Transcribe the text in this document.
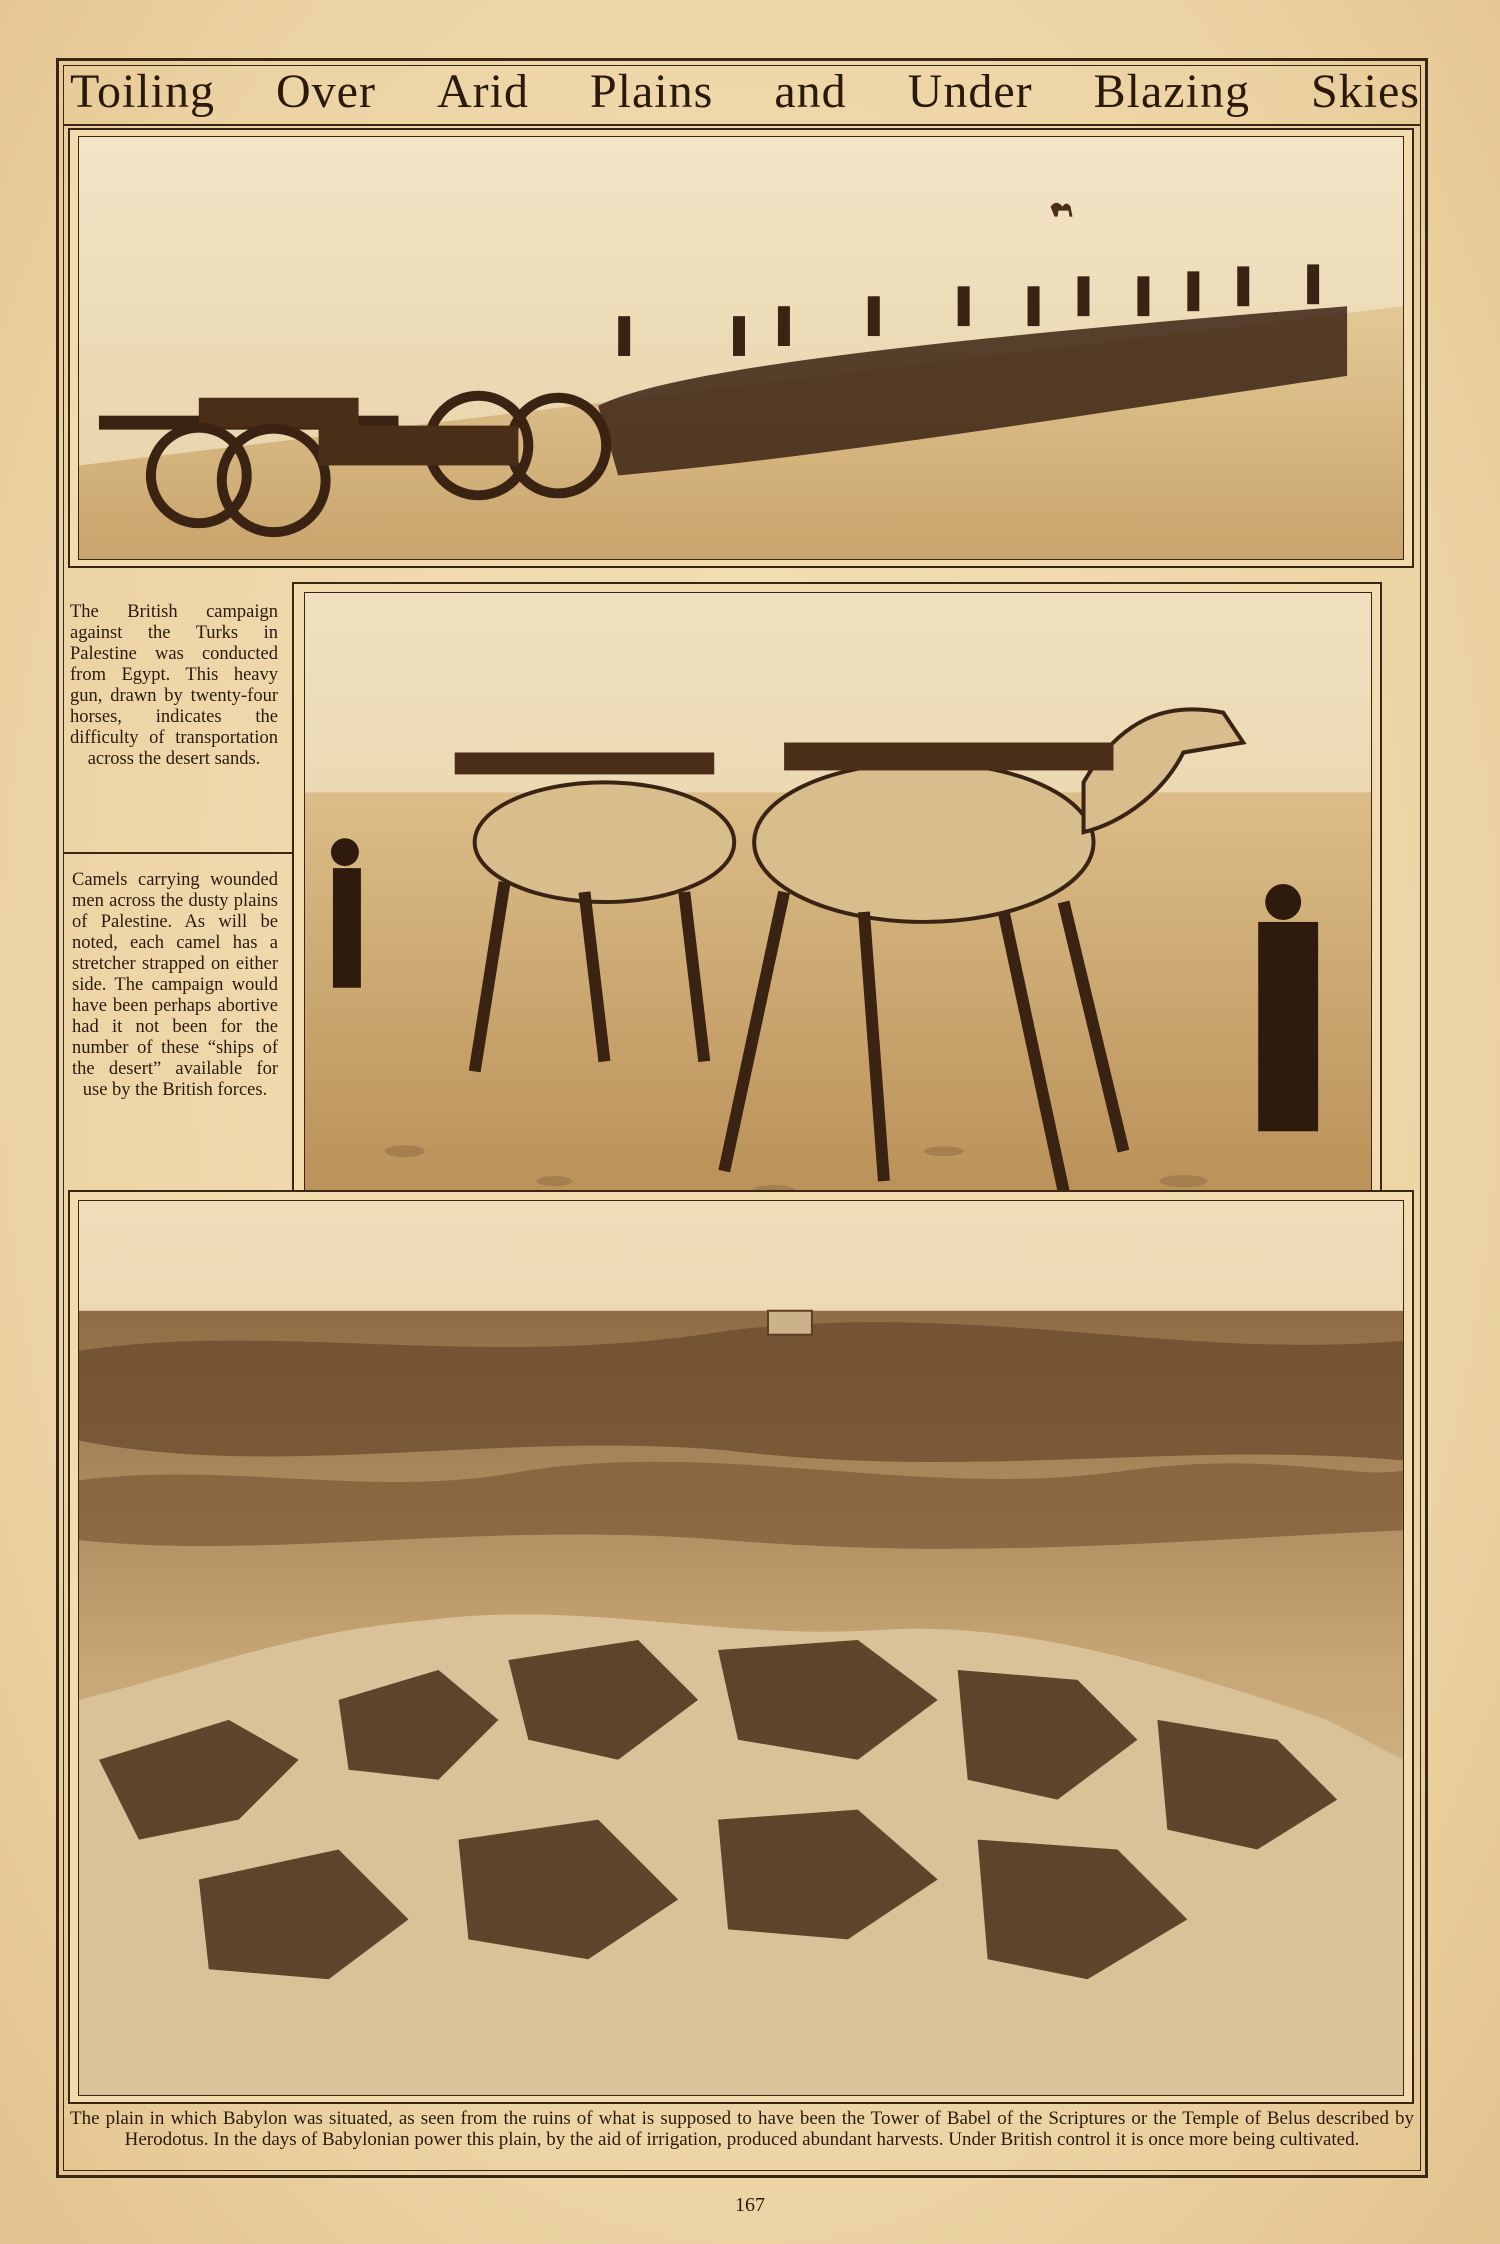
Toiling Over Arid Plains and Under Blazing Skies
The British campaign against the Turks in Palestine was conducted from Egypt. This heavy gun, drawn by twenty-four horses, indicates the difficulty of transportation across the desert sands.
Camels carrying wounded men across the dusty plains of Palestine. As will be noted, each camel has a stretcher strapped on either side. The campaign would have been perhaps abortive had it not been for the number of these “ships of the desert” available for use by the British forces.
The plain in which Babylon was situated, as seen from the ruins of what is supposed to have been the Tower of Babel of the Scriptures or the Temple of Belus described by Herodotus. In the days of Babylonian power this plain, by the aid of irrigation, produced abundant harvests. Under British control it is once more being cultivated.
167
